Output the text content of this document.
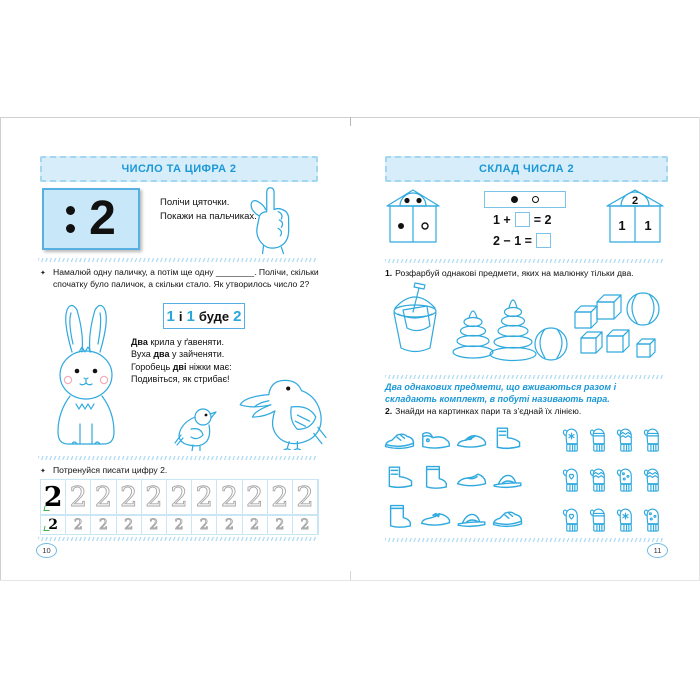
ЧИСЛО ТА ЦИФРА 2
2	Полічи цяточки.
Покажи на пальчиках.
✦ Намалюй одну паличку, а потім ще одну ________. Полічи, скільки спочатку було паличок, а скільки стало. Як утворилось число 2?
1 і 1 буде 2
Два крила у ґавеняти.
Вуха два у зайченяти.
Горобець дві ніжки має:
Подивіться, як стрибає!
✦ Потренуйся писати цифру 2.
2 2 2 2 2 2 2 2 2 2 2
2 2 2 2 2 2 2 2 2 2 2
10
СКЛАД ЧИСЛА 2
1 + = 2
2 − 1 =
2
1 1
1. Розфарбуй однакові предмети, яких на малюнку тільки два.
Два однакових предмети, що вживаються разом і складають комплект, в побуті називають пара.
2. Знайди на картинках пари та з’єднай їх лінією.
11
